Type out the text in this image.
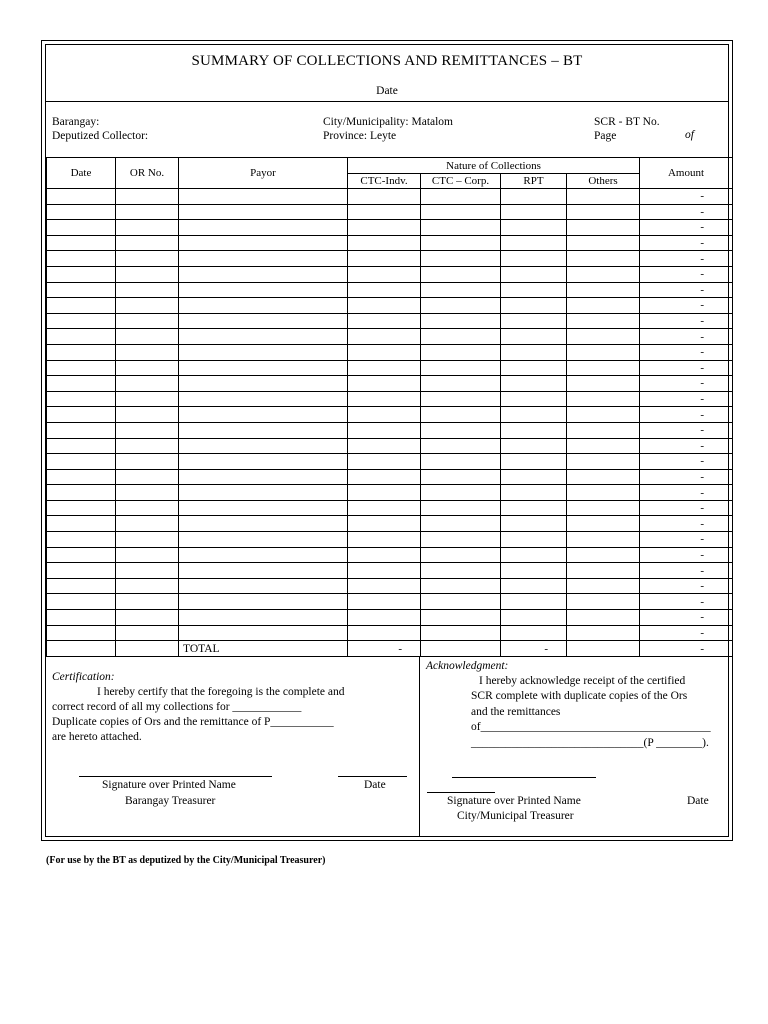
SUMMARY OF COLLECTIONS AND REMITTANCES – BT
Date
Barangay:
Deputized Collector:
City/Municipality: Matalom
Province: Leyte
SCR - BT No.
Page	of
Date	OR No.	Payor	Nature of Collections				Amount
			CTC-Indv.	CTC – Corp.	RPT	Others	
							-
							-
							-
							-
							-
							-
							-
							-
							-
							-
							-
							-
							-
							-
							-
							-
							-
							-
							-
							-
							-
							-
							-
							-
							-
							-
							-
							-
							-
		TOTAL	-		-		-
Certification:
I hereby certify that the foregoing is the complete and
correct record of all my collections for ____________
Duplicate copies of Ors and the remittance of P___________
are hereto attached.
Signature over Printed Name	Date
Barangay Treasurer
Acknowledgment:
I hereby acknowledge receipt of the certified
SCR complete with duplicate copies of the Ors
and the remittances
of________________________________________
______________________________(P ________).
Signature over Printed Name	Date
City/Municipal Treasurer
(For use by the BT as deputized by the City/Municipal Treasurer)
